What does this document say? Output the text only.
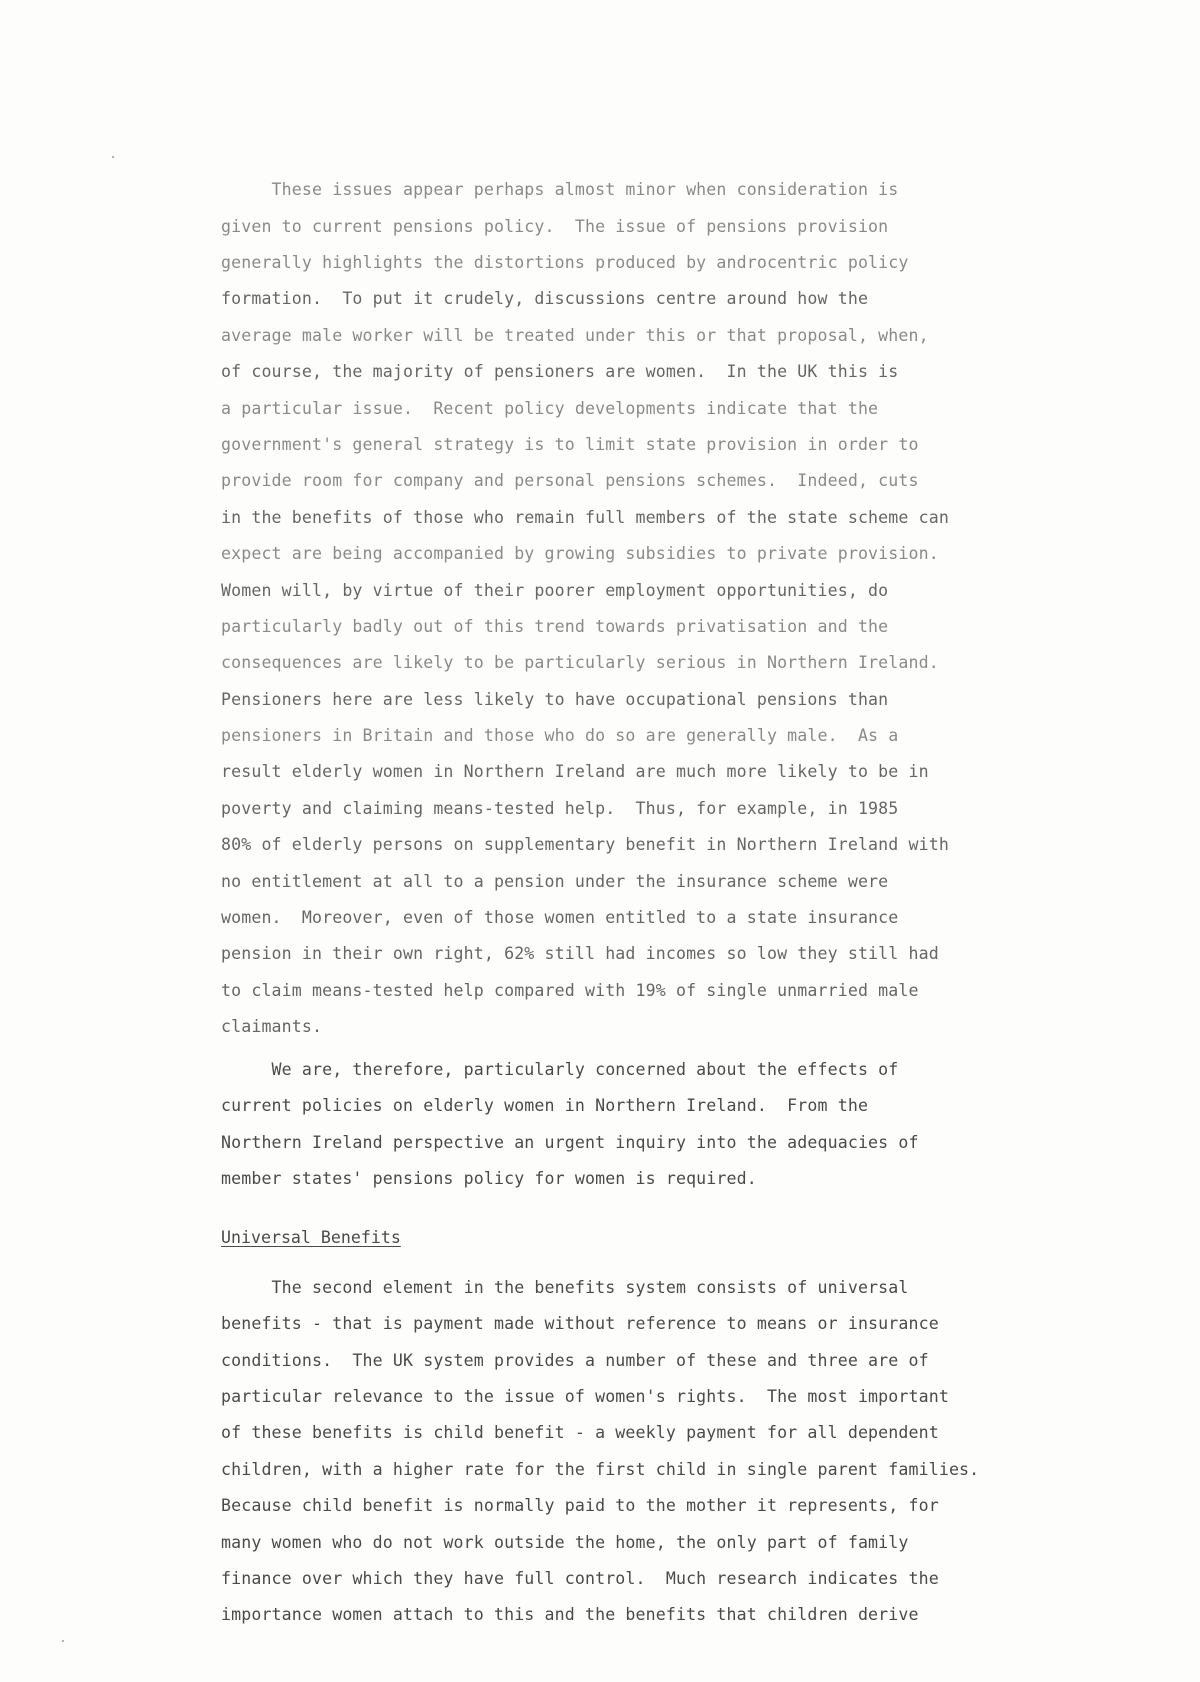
These issues appear perhaps almost minor when consideration is
given to current pensions policy.  The issue of pensions provision
generally highlights the distortions produced by androcentric policy
formation.  To put it crudely, discussions centre around how the
average male worker will be treated under this or that proposal, when,
of course, the majority of pensioners are women.  In the UK this is
a particular issue.  Recent policy developments indicate that the
government's general strategy is to limit state provision in order to
provide room for company and personal pensions schemes.  Indeed, cuts
in the benefits of those who remain full members of the state scheme can
expect are being accompanied by growing subsidies to private provision.
Women will, by virtue of their poorer employment opportunities, do
particularly badly out of this trend towards privatisation and the
consequences are likely to be particularly serious in Northern Ireland.
Pensioners here are less likely to have occupational pensions than
pensioners in Britain and those who do so are generally male.  As a
result elderly women in Northern Ireland are much more likely to be in
poverty and claiming means-tested help.  Thus, for example, in 1985
80% of elderly persons on supplementary benefit in Northern Ireland with
no entitlement at all to a pension under the insurance scheme were
women.  Moreover, even of those women entitled to a state insurance
pension in their own right, 62% still had incomes so low they still had
to claim means-tested help compared with 19% of single unmarried male
claimants.
We are, therefore, particularly concerned about the effects of
current policies on elderly women in Northern Ireland.  From the
Northern Ireland perspective an urgent inquiry into the adequacies of
member states' pensions policy for women is required.
Universal Benefits
The second element in the benefits system consists of universal
benefits - that is payment made without reference to means or insurance
conditions.  The UK system provides a number of these and three are of
particular relevance to the issue of women's rights.  The most important
of these benefits is child benefit - a weekly payment for all dependent
children, with a higher rate for the first child in single parent families.
Because child benefit is normally paid to the mother it represents, for
many women who do not work outside the home, the only part of family
finance over which they have full control.  Much research indicates the
importance women attach to this and the benefits that children derive
